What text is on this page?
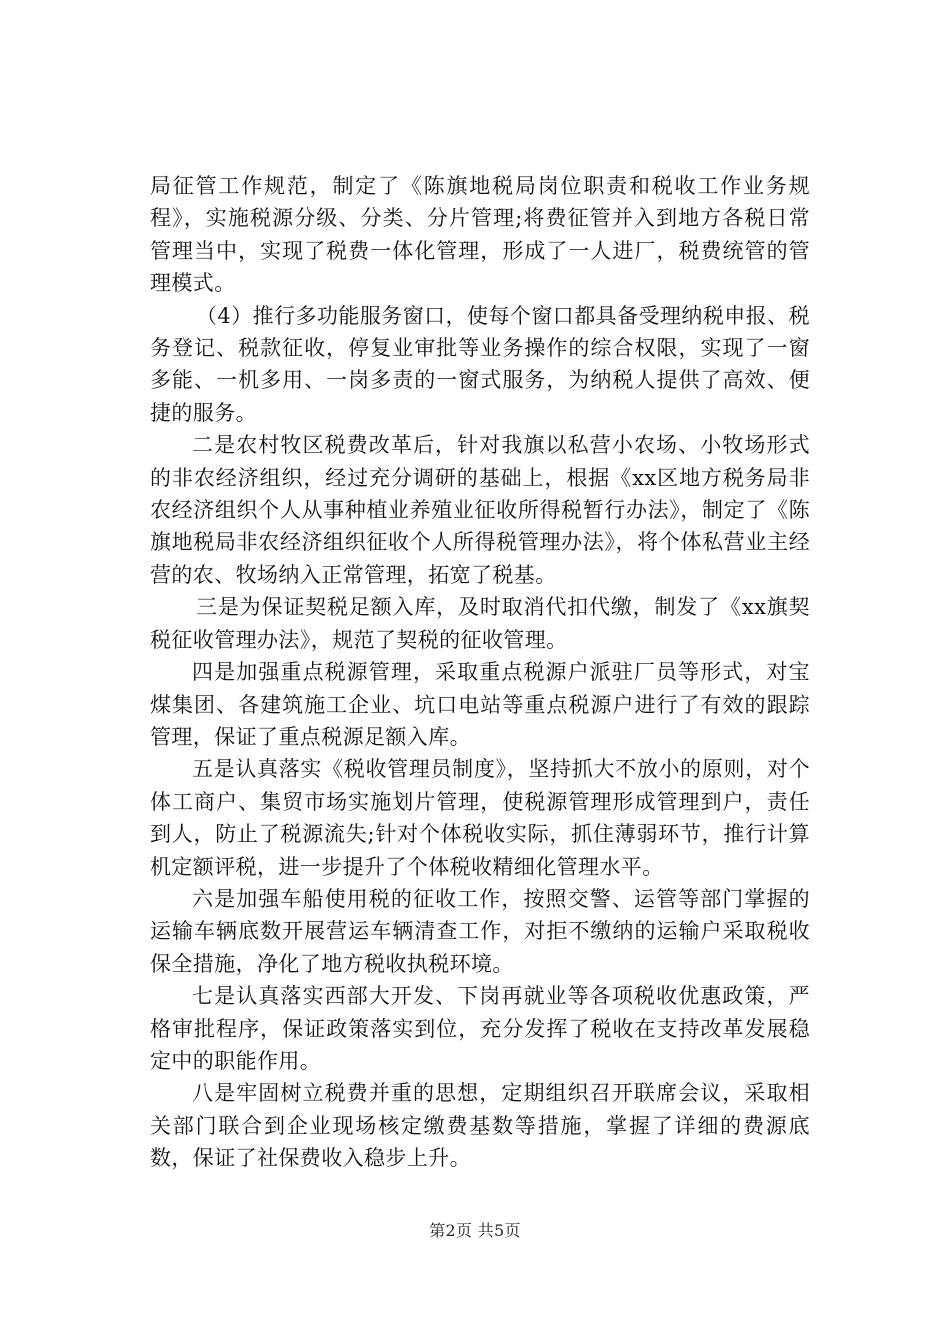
局征管工作规范，制定了《陈旗地税局岗位职责和税收工作业务规程》，实施税源分级、分类、分片管理;将费征管并入到地方各税日常管理当中，实现了税费一体化管理，形成了一人进厂，税费统管的管理模式。

（4）推行多功能服务窗口，使每个窗口都具备受理纳税申报、税务登记、税款征收，停复业审批等业务操作的综合权限，实现了一窗多能、一机多用、一岗多责的一窗式服务，为纳税人提供了高效、便捷的服务。

二是农村牧区税费改革后，针对我旗以私营小农场、小牧场形式的非农经济组织，经过充分调研的基础上，根据《xx区地方税务局非农经济组织个人从事种植业养殖业征收所得税暂行办法》，制定了《陈旗地税局非农经济组织征收个人所得税管理办法》，将个体私营业主经营的农、牧场纳入正常管理，拓宽了税基。

三是为保证契税足额入库，及时取消代扣代缴，制发了《xx旗契税征收管理办法》，规范了契税的征收管理。

四是加强重点税源管理，采取重点税源户派驻厂员等形式，对宝煤集团、各建筑施工企业、坑口电站等重点税源户进行了有效的跟踪管理，保证了重点税源足额入库。

五是认真落实《税收管理员制度》，坚持抓大不放小的原则，对个体工商户、集贸市场实施划片管理，使税源管理形成管理到户，责任到人，防止了税源流失;针对个体税收实际，抓住薄弱环节，推行计算机定额评税，进一步提升了个体税收精细化管理水平。

六是加强车船使用税的征收工作，按照交警、运管等部门掌握的运输车辆底数开展营运车辆清查工作，对拒不缴纳的运输户采取税收保全措施，净化了地方税收执税环境。

七是认真落实西部大开发、下岗再就业等各项税收优惠政策，严格审批程序，保证政策落实到位，充分发挥了税收在支持改革发展稳定中的职能作用。

八是牢固树立税费并重的思想，定期组织召开联席会议，采取相关部门联合到企业现场核定缴费基数等措施，掌握了详细的费源底数，保证了社保费收入稳步上升。

第2页 共5页
